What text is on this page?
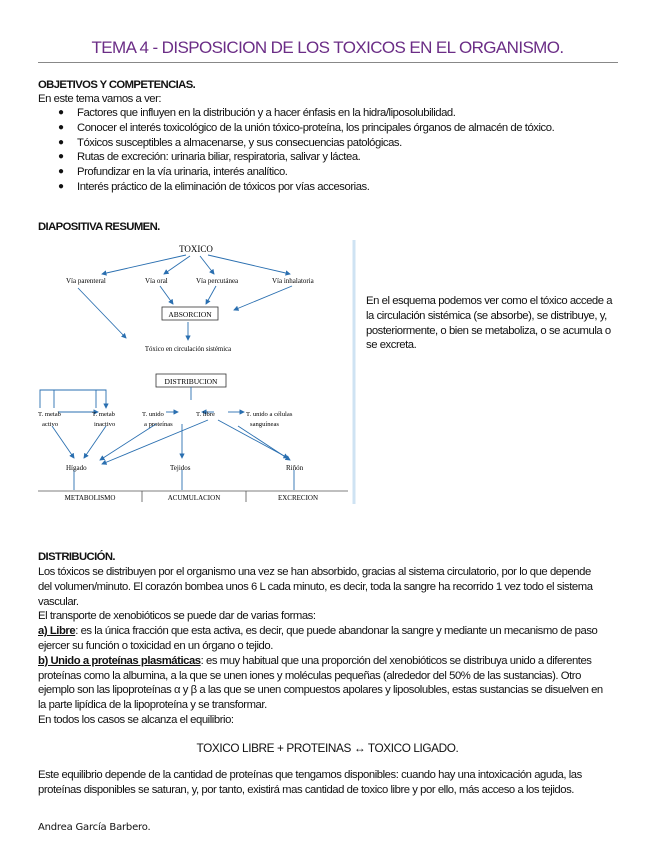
TEMA 4 - DISPOSICION DE LOS TOXICOS EN EL ORGANISMO.
OBJETIVOS Y COMPETENCIAS.
En este tema vamos a ver:
● Factores que influyen en la distribución y a hacer énfasis en la hidra/liposolubilidad.
● Conocer el interés toxicológico de la unión tóxico-proteína, los principales órganos de almacén de tóxico.
● Tóxicos susceptibles a almacenarse, y sus consecuencias patológicas.
● Rutas de excreción: urinaria biliar, respiratoria, salivar y láctea.
● Profundizar en la vía urinaria, interés analítico.
● Interés práctico de la eliminación de tóxicos por vías accesorias.
DIAPOSITIVA RESUMEN.
TOXICO
Vía parenteral	Vía oral	Vía percutánea	Vía inhalatoria
ABSORCION
Tóxico en circulación sistémica
DISTRIBUCION
T. metab
activo
T. metab
inactivo
T. unido
a proteínas
T. libre	T. unido a células
sanguíneas
Hígado	Tejidos	Riñón
METABOLISMO	ACUMULACION	EXCRECION
En el esquema podemos ver como el tóxico accede a
la circulación sistémica (se absorbe), se distribuye, y,
posteriormente, o bien se metaboliza, o se acumula o
se excreta.
DISTRIBUCIÓN.
Los tóxicos se distribuyen por el organismo una vez se han absorbido, gracias al sistema circulatorio, por lo que depende
del volumen/minuto. El corazón bombea unos 6 L cada minuto, es decir, toda la sangre ha recorrido 1 vez todo el sistema
vascular.
El transporte de xenobióticos se puede dar de varias formas:
a) Libre: es la única fracción que esta activa, es decir, que puede abandonar la sangre y mediante un mecanismo de paso
ejercer su función o toxicidad en un órgano o tejido.
b) Unido a proteínas plasmáticas: es muy habitual que una proporción del xenobióticos se distribuya unido a diferentes
proteínas como la albumina, a la que se unen iones y moléculas pequeñas (alrededor del 50% de las sustancias). Otro
ejemplo son las lipoproteínas α y β a las que se unen compuestos apolares y liposolubles, estas sustancias se disuelven en
la parte lipídica de la lipoproteína y se transformar.
En todos los casos se alcanza el equilibrio:
TOXICO LIBRE + PROTEINAS ↔ TOXICO LIGADO.
Este equilibrio depende de la cantidad de proteínas que tengamos disponibles: cuando hay una intoxicación aguda, las
proteínas disponibles se saturan, y, por tanto, existirá mas cantidad de toxico libre y por ello, más acceso a los tejidos.
Andrea García Barbero.
